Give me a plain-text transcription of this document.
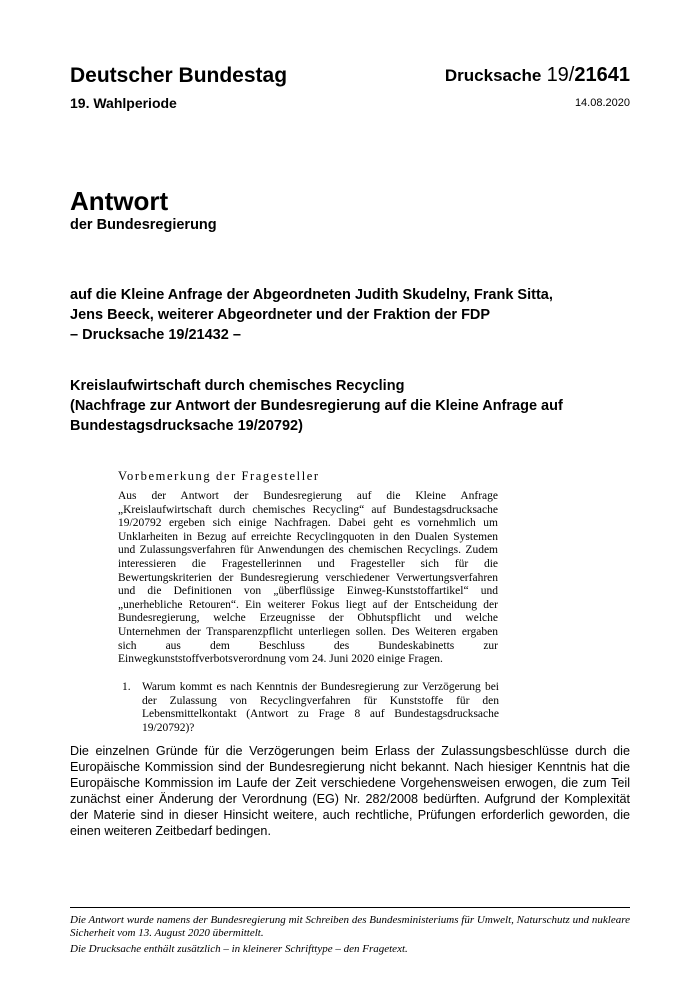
Deutscher Bundestag	Drucksache 19/21641
19. Wahlperiode	14.08.2020
Antwort
der Bundesregierung
auf die Kleine Anfrage der Abgeordneten Judith Skudelny, Frank Sitta,
Jens Beeck, weiterer Abgeordneter und der Fraktion der FDP
– Drucksache 19/21432 –
Kreislaufwirtschaft durch chemisches Recycling
(Nachfrage zur Antwort der Bundesregierung auf die Kleine Anfrage auf
Bundestagsdrucksache 19/20792)
Vorbemerkung der Fragesteller
Aus der Antwort der Bundesregierung auf die Kleine Anfrage „Kreislaufwirtschaft durch chemisches Recycling“ auf Bundestagsdrucksache 19/20792 ergeben sich einige Nachfragen. Dabei geht es vornehmlich um Unklarheiten in Bezug auf erreichte Recyclingquoten in den Dualen Systemen und Zulassungsverfahren für Anwendungen des chemischen Recyclings. Zudem interessieren die Fragestellerinnen und Fragesteller sich für die Bewertungskriterien der Bundesregierung verschiedener Verwertungsverfahren und die Definitionen von „überflüssige Einweg-Kunststoffartikel“ und „unerhebliche Retouren“. Ein weiterer Fokus liegt auf der Entscheidung der Bundesregierung, welche Erzeugnisse der Obhutspflicht und welche Unternehmen der Transparenzpflicht unterliegen sollen. Des Weiteren ergaben sich aus dem Beschluss des Bundeskabinetts zur Einwegkunststoffverbotsverordnung vom 24. Juni 2020 einige Fragen.
1. Warum kommt es nach Kenntnis der Bundesregierung zur Verzögerung bei der Zulassung von Recyclingverfahren für Kunststoffe für den Lebensmittelkontakt (Antwort zu Frage 8 auf Bundestagsdrucksache 19/20792)?
Die einzelnen Gründe für die Verzögerungen beim Erlass der Zulassungsbeschlüsse durch die Europäische Kommission sind der Bundesregierung nicht bekannt. Nach hiesiger Kenntnis hat die Europäische Kommission im Laufe der Zeit verschiedene Vorgehensweisen erwogen, die zum Teil zunächst einer Änderung der Verordnung (EG) Nr. 282/2008 bedürften. Aufgrund der Komplexität der Materie sind in dieser Hinsicht weitere, auch rechtliche, Prüfungen erforderlich geworden, die einen weiteren Zeitbedarf bedingen.
Die Antwort wurde namens der Bundesregierung mit Schreiben des Bundesministeriums für Umwelt, Naturschutz und nukleare Sicherheit vom 13. August 2020 übermittelt.
Die Drucksache enthält zusätzlich – in kleinerer Schrifttype – den Fragetext.
